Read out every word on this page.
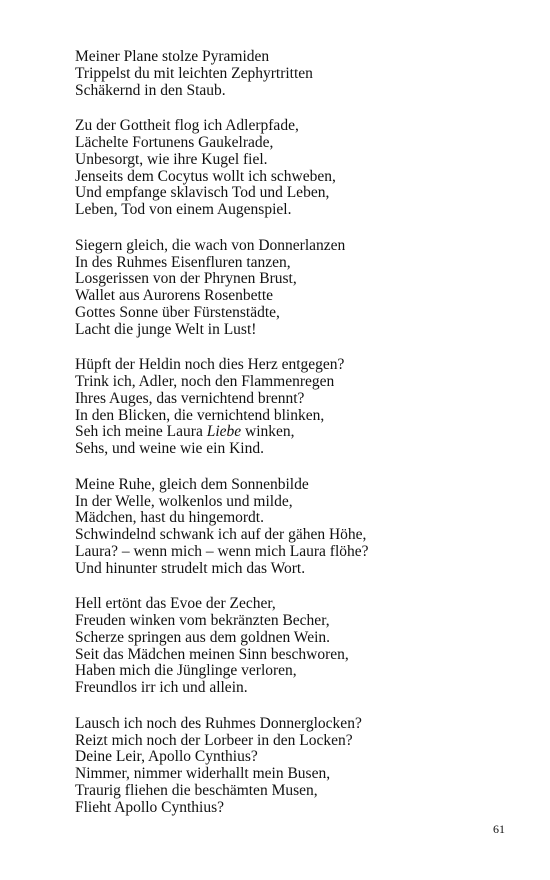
Meiner Plane stolze Pyramiden
Trippelst du mit leichten Zephyrtritten
Schäkernd in den Staub.
Zu der Gottheit flog ich Adlerpfade,
Lächelte Fortunens Gaukelrade,
Unbesorgt, wie ihre Kugel fiel.
Jenseits dem Cocytus wollt ich schweben,
Und empfange sklavisch Tod und Leben,
Leben, Tod von einem Augenspiel.
Siegern gleich, die wach von Donnerlanzen
In des Ruhmes Eisenfluren tanzen,
Losgerissen von der Phrynen Brust,
Wallet aus Aurorens Rosenbette
Gottes Sonne über Fürstenstädte,
Lacht die junge Welt in Lust!
Hüpft der Heldin noch dies Herz entgegen?
Trink ich, Adler, noch den Flammenregen
Ihres Auges, das vernichtend brennt?
In den Blicken, die vernichtend blinken,
Seh ich meine Laura Liebe winken,
Sehs, und weine wie ein Kind.
Meine Ruhe, gleich dem Sonnenbilde
In der Welle, wolkenlos und milde,
Mädchen, hast du hingemordt.
Schwindelnd schwank ich auf der gähen Höhe,
Laura? – wenn mich – wenn mich Laura flöhe?
Und hinunter strudelt mich das Wort.
Hell ertönt das Evoe der Zecher,
Freuden winken vom bekränzten Becher,
Scherze springen aus dem goldnen Wein.
Seit das Mädchen meinen Sinn beschworen,
Haben mich die Jünglinge verloren,
Freundlos irr ich und allein.
Lausch ich noch des Ruhmes Donnerglocken?
Reizt mich noch der Lorbeer in den Locken?
Deine Leir, Apollo Cynthius?
Nimmer, nimmer widerhallt mein Busen,
Traurig fliehen die beschämten Musen,
Flieht Apollo Cynthius?
61
